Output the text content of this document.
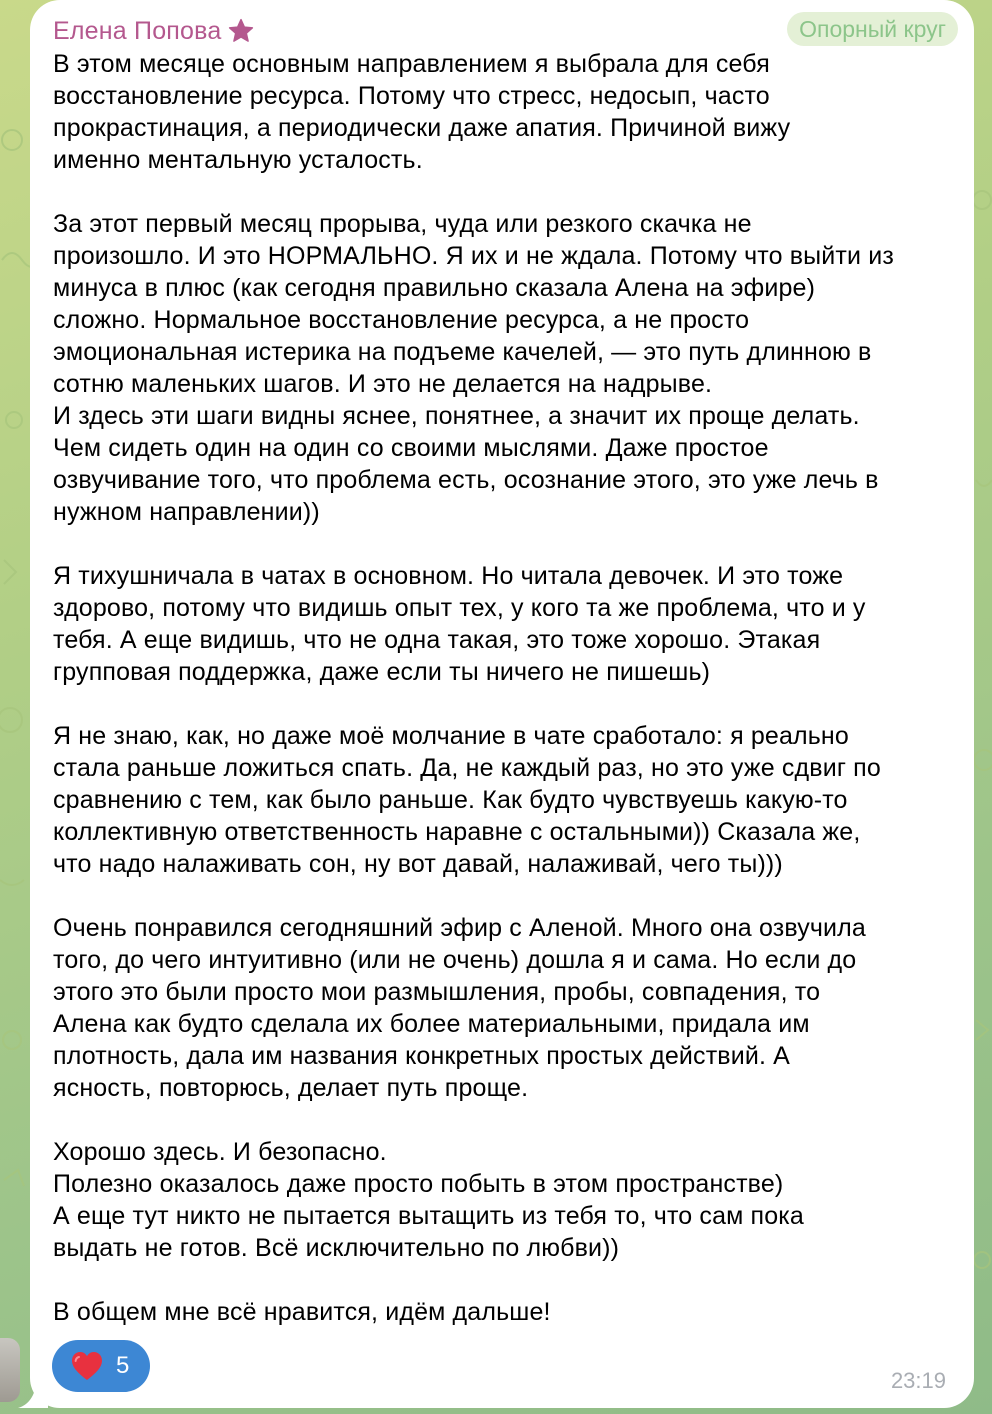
Елена Попова	Опорный круг

В этом месяце основным направлением я выбрала для себя
восстановление ресурса. Потому что стресс, недосып, часто
прокрастинация, а периодически даже апатия. Причиной вижу
именно ментальную усталость.

За этот первый месяц прорыва, чуда или резкого скачка не
произошло. И это НОРМАЛЬНО. Я их и не ждала. Потому что выйти из
минуса в плюс (как сегодня правильно сказала Алена на эфире)
сложно. Нормальное восстановление ресурса, а не просто
эмоциональная истерика на подъеме качелей, — это путь длинною в
сотню маленьких шагов. И это не делается на надрыве.
И здесь эти шаги видны яснее, понятнее, а значит их проще делать.
Чем сидеть один на один со своими мыслями. Даже простое
озвучивание того, что проблема есть, осознание этого, это уже лечь в
нужном направлении))

Я тихушничала в чатах в основном. Но читала девочек. И это тоже
здорово, потому что видишь опыт тех, у кого та же проблема, что и у
тебя. А еще видишь, что не одна такая, это тоже хорошо. Этакая
групповая поддержка, даже если ты ничего не пишешь)

Я не знаю, как, но даже моё молчание в чате сработало: я реально
стала раньше ложиться спать. Да, не каждый раз, но это уже сдвиг по
сравнению с тем, как было раньше. Как будто чувствуешь какую-то
коллективную ответственность наравне с остальными)) Сказала же,
что надо налаживать сон, ну вот давай, налаживай, чего ты)))

Очень понравился сегодняшний эфир с Аленой. Много она озвучила
того, до чего интуитивно (или не очень) дошла я и сама. Но если до
этого это были просто мои размышления, пробы, совпадения, то
Алена как будто сделала их более материальными, придала им
плотность, дала им названия конкретных простых действий. А
ясность, повторюсь, делает путь проще.

Хорошо здесь. И безопасно.
Полезно оказалось даже просто побыть в этом пространстве)
А еще тут никто не пытается вытащить из тебя то, что сам пока
выдать не готов. Всё исключительно по любви))

В общем мне всё нравится, идём дальше!

5
23:19
